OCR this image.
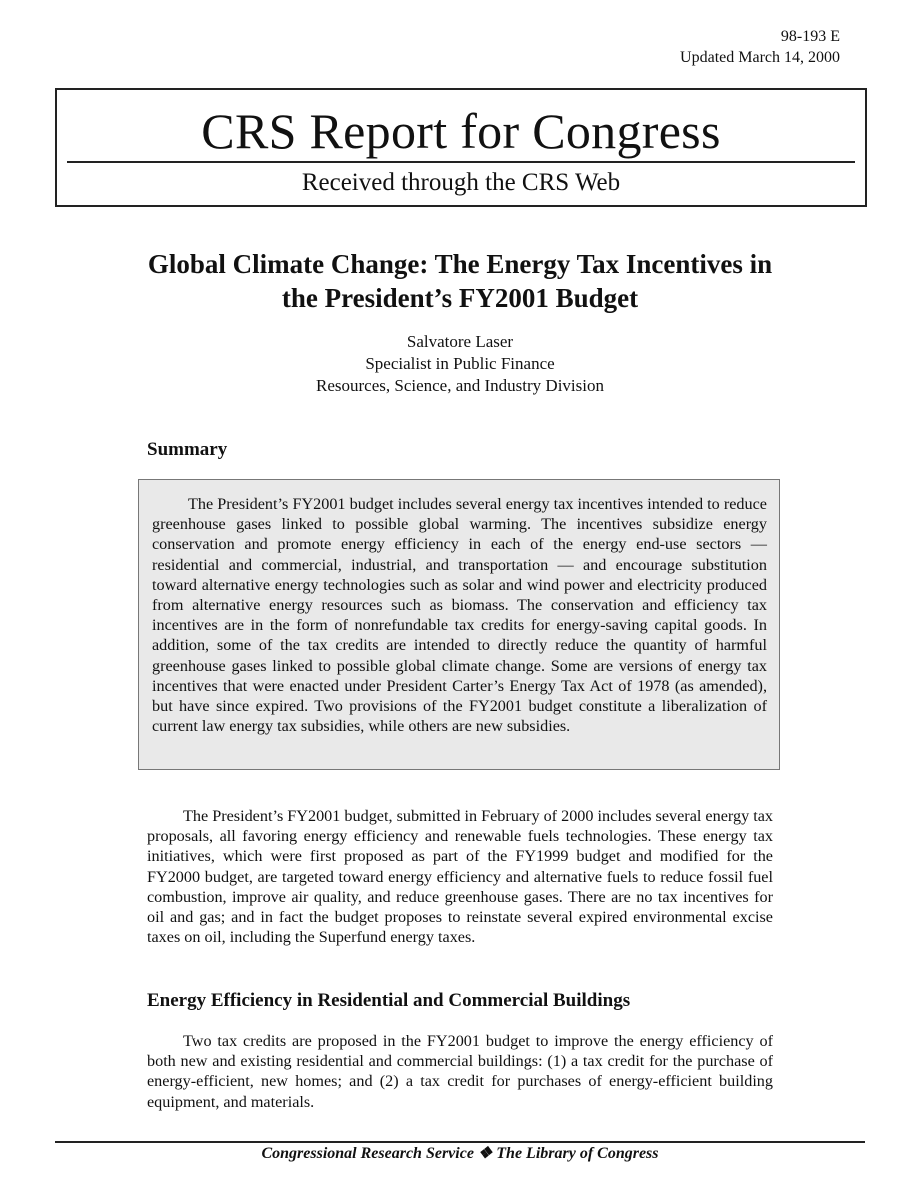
98-193 E
Updated March 14, 2000
CRS Report for Congress
Received through the CRS Web
Global Climate Change: The Energy Tax Incentives in the President’s FY2001 Budget
Salvatore Laser
Specialist in Public Finance
Resources, Science, and Industry Division
Summary

The President’s FY2001 budget includes several energy tax incentives intended to reduce greenhouse gases linked to possible global warming. The incentives subsidize energy conservation and promote energy efficiency in each of the energy end-use sectors — residential and commercial, industrial, and transportation — and encourage substitution toward alternative energy technologies such as solar and wind power and electricity produced from alternative energy resources such as biomass. The conservation and efficiency tax incentives are in the form of nonrefundable tax credits for energy-saving capital goods. In addition, some of the tax credits are intended to directly reduce the quantity of harmful greenhouse gases linked to possible global climate change. Some are versions of energy tax incentives that were enacted under President Carter’s Energy Tax Act of 1978 (as amended), but have since expired. Two provisions of the FY2001 budget constitute a liberalization of current law energy tax subsidies, while others are new subsidies.

The President’s FY2001 budget, submitted in February of 2000 includes several energy tax proposals, all favoring energy efficiency and renewable fuels technologies. These energy tax initiatives, which were first proposed as part of the FY1999 budget and modified for the FY2000 budget, are targeted toward energy efficiency and alternative fuels to reduce fossil fuel combustion, improve air quality, and reduce greenhouse gases. There are no tax incentives for oil and gas; and in fact the budget proposes to reinstate several expired environmental excise taxes on oil, including the Superfund energy taxes.

Energy Efficiency in Residential and Commercial Buildings

Two tax credits are proposed in the FY2001 budget to improve the energy efficiency of both new and existing residential and commercial buildings: (1) a tax credit for the purchase of energy-efficient, new homes; and (2) a tax credit for purchases of energy-efficient building equipment, and materials.

Congressional Research Service ❖ The Library of Congress
